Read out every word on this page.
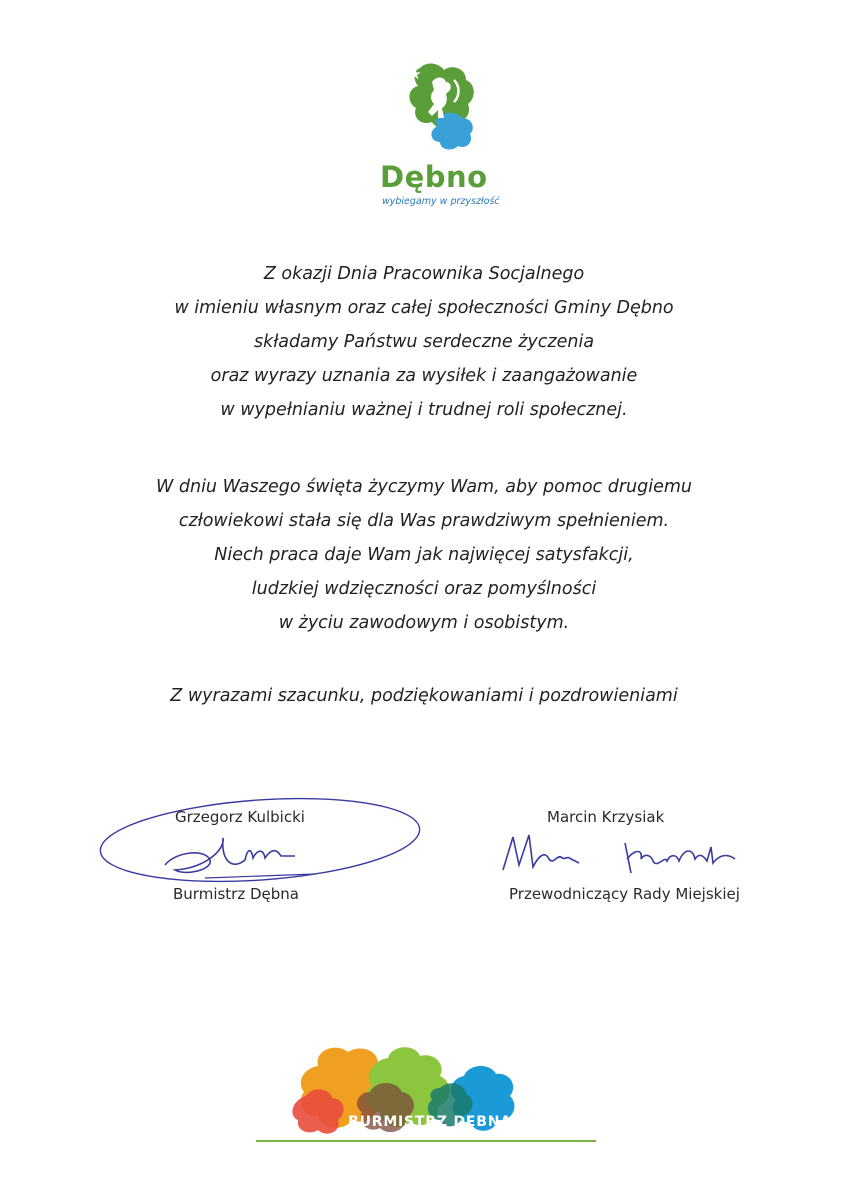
Dębno
wybiegamy w przyszłość
Z okazji Dnia Pracownika Socjalnego
w imieniu własnym oraz całej społeczności Gminy Dębno
składamy Państwu serdeczne życzenia
oraz wyrazy uznania za wysiłek i zaangażowanie
w wypełnianiu ważnej i trudnej roli społecznej.
W dniu Waszego święta życzymy Wam, aby pomoc drugiemu
człowiekowi stała się dla Was prawdziwym spełnieniem.
Niech praca daje Wam jak najwięcej satysfakcji,
ludzkiej wdzięczności oraz pomyślności
w życiu zawodowym i osobistym.
Z wyrazami szacunku, podziękowaniami i pozdrowieniami
Grzegorz Kulbicki
Burmistrz Dębna
Marcin Krzysiak
Przewodniczący Rady Miejskiej
BURMISTRZ DĘBNA
